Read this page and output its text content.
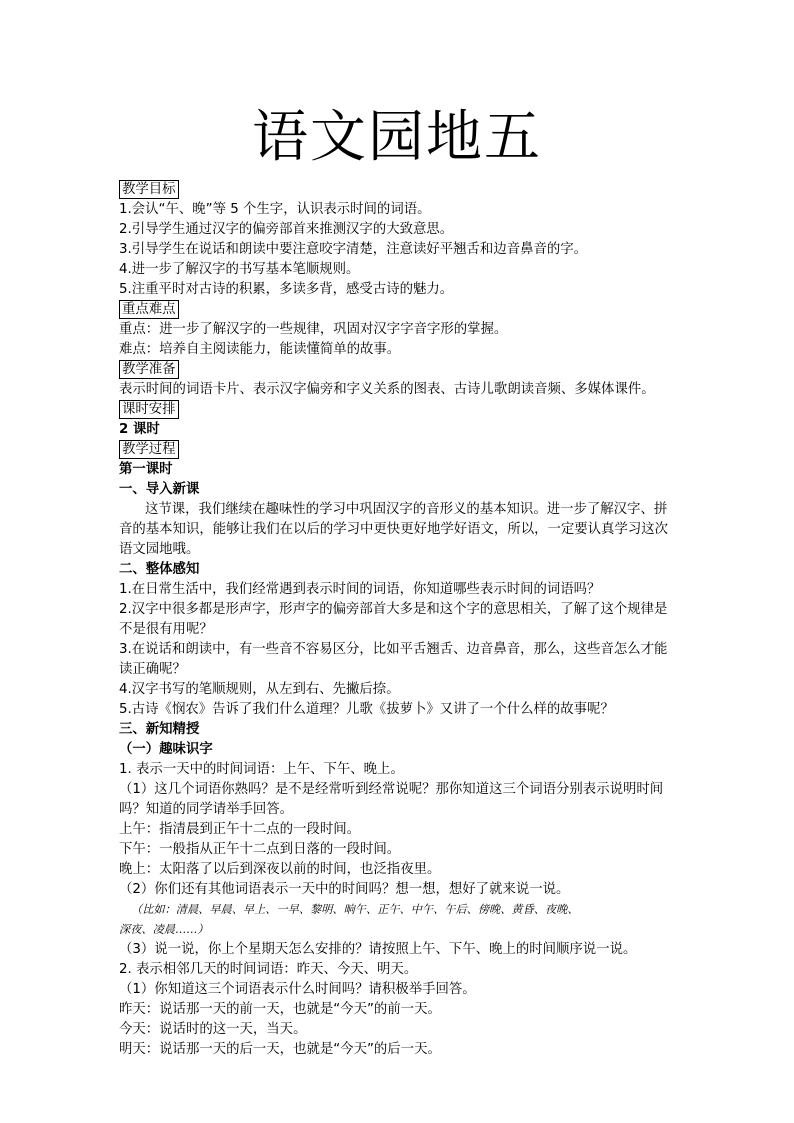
语文园地五
教学目标
1.会认“午、晚”等 5 个生字，认识表示时间的词语。
2.引导学生通过汉字的偏旁部首来推测汉字的大致意思。
3.引导学生在说话和朗读中要注意咬字清楚，注意读好平翘舌和边音鼻音的字。
4.进一步了解汉字的书写基本笔顺规则。
5.注重平时对古诗的积累，多读多背，感受古诗的魅力。
重点难点
重点：进一步了解汉字的一些规律，巩固对汉字字音字形的掌握。
难点：培养自主阅读能力，能读懂简单的故事。
教学准备
表示时间的词语卡片、表示汉字偏旁和字义关系的图表、古诗儿歌朗读音频、多媒体课件。
课时安排
2 课时
教学过程
第一课时
一、导入新课
这节课，我们继续在趣味性的学习中巩固汉字的音形义的基本知识。进一步了解汉字、拼音的基本知识，能够让我们在以后的学习中更快更好地学好语文，所以，一定要认真学习这次语文园地哦。
二、整体感知
1.在日常生活中，我们经常遇到表示时间的词语，你知道哪些表示时间的词语吗？
2.汉字中很多都是形声字，形声字的偏旁部首大多是和这个字的意思相关，了解了这个规律是不是很有用呢？
3.在说话和朗读中，有一些音不容易区分，比如平舌翘舌、边音鼻音，那么，这些音怎么才能读正确呢？
4.汉字书写的笔顺规则，从左到右、先撇后捺。
5.古诗《悯农》告诉了我们什么道理？儿歌《拔萝卜》又讲了一个什么样的故事呢？
三、新知精授
（一）趣味识字
1. 表示一天中的时间词语：上午、下午、晚上。
（1）这几个词语你熟吗？是不是经常听到经常说呢？那你知道这三个词语分别表示说明时间吗？知道的同学请举手回答。
上午：指清晨到正午十二点的一段时间。
下午：一般指从正午十二点到日落的一段时间。
晚上：太阳落了以后到深夜以前的时间，也泛指夜里。
（2）你们还有其他词语表示一天中的时间吗？想一想，想好了就来说一说。
（比如：清晨、早晨、早上、一早、黎明、晌午、正午、中午、午后、傍晚、黄昏、夜晚、
深夜、凌晨……）
（3）说一说，你上个星期天怎么安排的？请按照上午、下午、晚上的时间顺序说一说。
2. 表示相邻几天的时间词语：昨天、今天、明天。
（1）你知道这三个词语表示什么时间吗？请积极举手回答。
昨天：说话那一天的前一天，也就是“今天”的前一天。
今天：说话时的这一天，当天。
明天：说话那一天的后一天，也就是“今天”的后一天。
